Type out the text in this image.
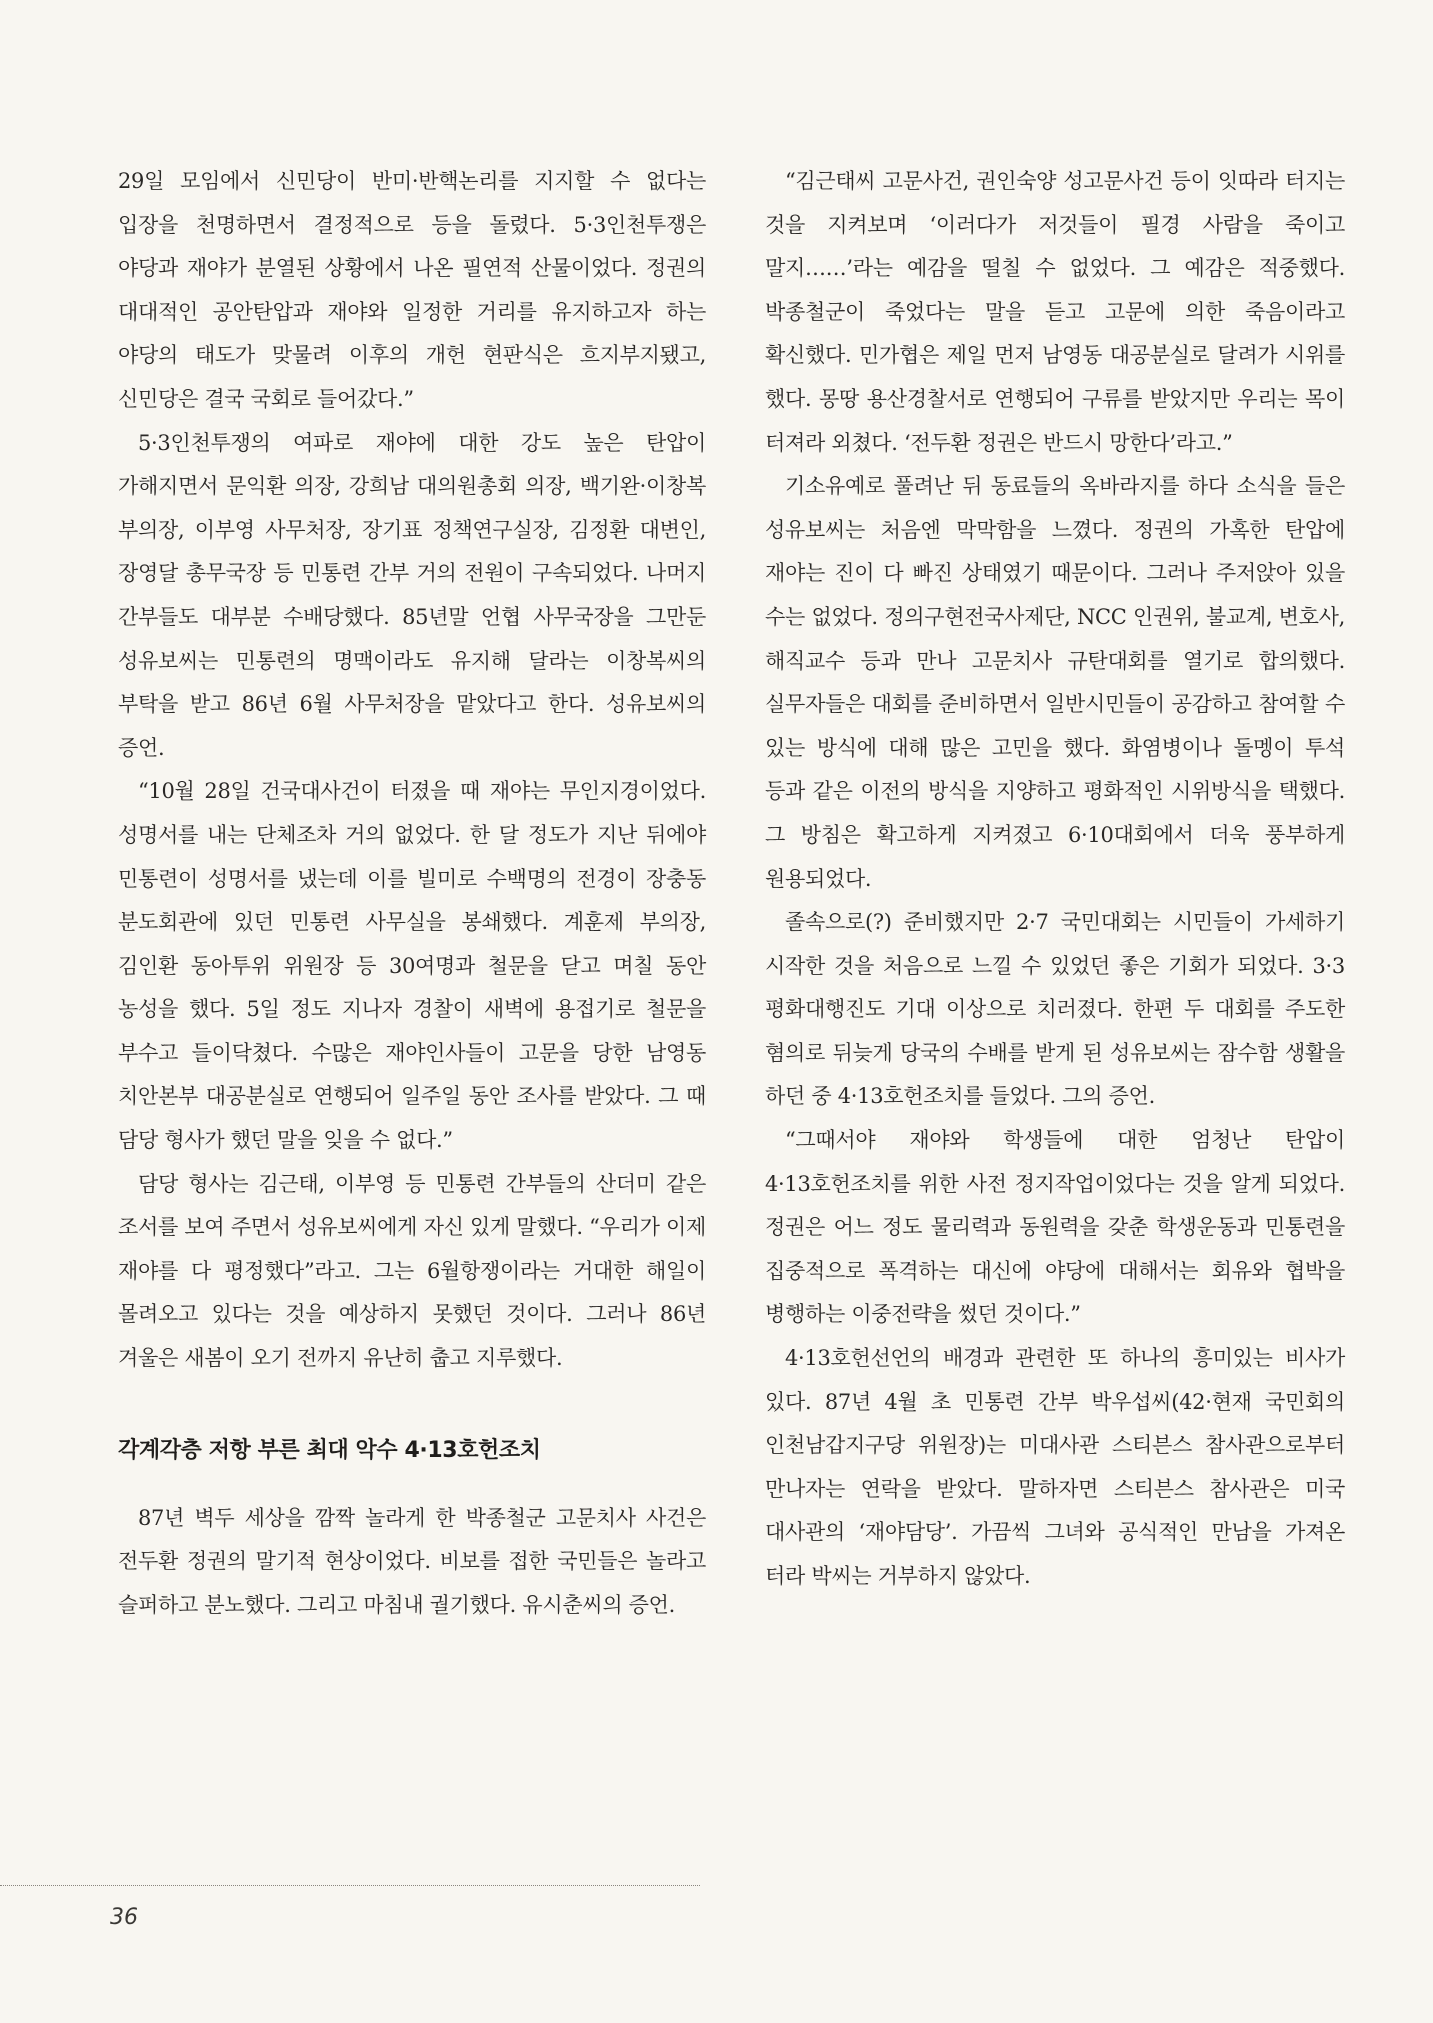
29일 모임에서 신민당이 반미·반핵논리를 지지할 수 없다는 입장을 천명하면서 결정적으로 등을 돌렸다. 5·3인천투쟁은 야당과 재야가 분열된 상황에서 나온 필연적 산물이었다. 정권의 대대적인 공안탄압과 재야와 일정한 거리를 유지하고자 하는 야당의 태도가 맞물려 이후의 개헌 현판식은 흐지부지됐고, 신민당은 결국 국회로 들어갔다.”

5·3인천투쟁의 여파로 재야에 대한 강도 높은 탄압이 가해지면서 문익환 의장, 강희남 대의원총회 의장, 백기완·이창복 부의장, 이부영 사무처장, 장기표 정책연구실장, 김정환 대변인, 장영달 총무국장 등 민통련 간부 거의 전원이 구속되었다. 나머지 간부들도 대부분 수배당했다. 85년말 언협 사무국장을 그만둔 성유보씨는 민통련의 명맥이라도 유지해 달라는 이창복씨의 부탁을 받고 86년 6월 사무처장을 맡았다고 한다. 성유보씨의 증언.

“10월 28일 건국대사건이 터졌을 때 재야는 무인지경이었다. 성명서를 내는 단체조차 거의 없었다. 한 달 정도가 지난 뒤에야 민통련이 성명서를 냈는데 이를 빌미로 수백명의 전경이 장충동 분도회관에 있던 민통련 사무실을 봉쇄했다. 계훈제 부의장, 김인환 동아투위 위원장 등 30여명과 철문을 닫고 며칠 동안 농성을 했다. 5일 정도 지나자 경찰이 새벽에 용접기로 철문을 부수고 들이닥쳤다. 수많은 재야인사들이 고문을 당한 남영동 치안본부 대공분실로 연행되어 일주일 동안 조사를 받았다. 그 때 담당 형사가 했던 말을 잊을 수 없다.”

담당 형사는 김근태, 이부영 등 민통련 간부들의 산더미 같은 조서를 보여 주면서 성유보씨에게 자신 있게 말했다. “우리가 이제 재야를 다 평정했다”라고. 그는 6월항쟁이라는 거대한 해일이 몰려오고 있다는 것을 예상하지 못했던 것이다. 그러나 86년 겨울은 새봄이 오기 전까지 유난히 춥고 지루했다.

각계각층 저항 부른 최대 악수 4·13호헌조치

87년 벽두 세상을 깜짝 놀라게 한 박종철군 고문치사 사건은 전두환 정권의 말기적 현상이었다. 비보를 접한 국민들은 놀라고 슬퍼하고 분노했다. 그리고 마침내 궐기했다. 유시춘씨의 증언.

“김근태씨 고문사건, 권인숙양 성고문사건 등이 잇따라 터지는 것을 지켜보며 ‘이러다가 저것들이 필경 사람을 죽이고 말지……’라는 예감을 떨칠 수 없었다. 그 예감은 적중했다. 박종철군이 죽었다는 말을 듣고 고문에 의한 죽음이라고 확신했다. 민가협은 제일 먼저 남영동 대공분실로 달려가 시위를 했다. 몽땅 용산경찰서로 연행되어 구류를 받았지만 우리는 목이 터져라 외쳤다. ‘전두환 정권은 반드시 망한다’라고.”

기소유예로 풀려난 뒤 동료들의 옥바라지를 하다 소식을 들은 성유보씨는 처음엔 막막함을 느꼈다. 정권의 가혹한 탄압에 재야는 진이 다 빠진 상태였기 때문이다. 그러나 주저앉아 있을 수는 없었다. 정의구현전국사제단, NCC 인권위, 불교계, 변호사, 해직교수 등과 만나 고문치사 규탄대회를 열기로 합의했다. 실무자들은 대회를 준비하면서 일반시민들이 공감하고 참여할 수 있는 방식에 대해 많은 고민을 했다. 화염병이나 돌멩이 투석 등과 같은 이전의 방식을 지양하고 평화적인 시위방식을 택했다. 그 방침은 확고하게 지켜졌고 6·10대회에서 더욱 풍부하게 원용되었다.

졸속으로(?) 준비했지만 2·7 국민대회는 시민들이 가세하기 시작한 것을 처음으로 느낄 수 있었던 좋은 기회가 되었다. 3·3 평화대행진도 기대 이상으로 치러졌다. 한편 두 대회를 주도한 혐의로 뒤늦게 당국의 수배를 받게 된 성유보씨는 잠수함 생활을 하던 중 4·13호헌조치를 들었다. 그의 증언.

“그때서야 재야와 학생들에 대한 엄청난 탄압이 4·13호헌조치를 위한 사전 정지작업이었다는 것을 알게 되었다. 정권은 어느 정도 물리력과 동원력을 갖춘 학생운동과 민통련을 집중적으로 폭격하는 대신에 야당에 대해서는 회유와 협박을 병행하는 이중전략을 썼던 것이다.”

4·13호헌선언의 배경과 관련한 또 하나의 흥미있는 비사가 있다. 87년 4월 초 민통련 간부 박우섭씨(42·현재 국민회의 인천남갑지구당 위원장)는 미대사관 스티븐스 참사관으로부터 만나자는 연락을 받았다. 말하자면 스티븐스 참사관은 미국 대사관의 ‘재야담당’. 가끔씩 그녀와 공식적인 만남을 가져온 터라 박씨는 거부하지 않았다.

36
